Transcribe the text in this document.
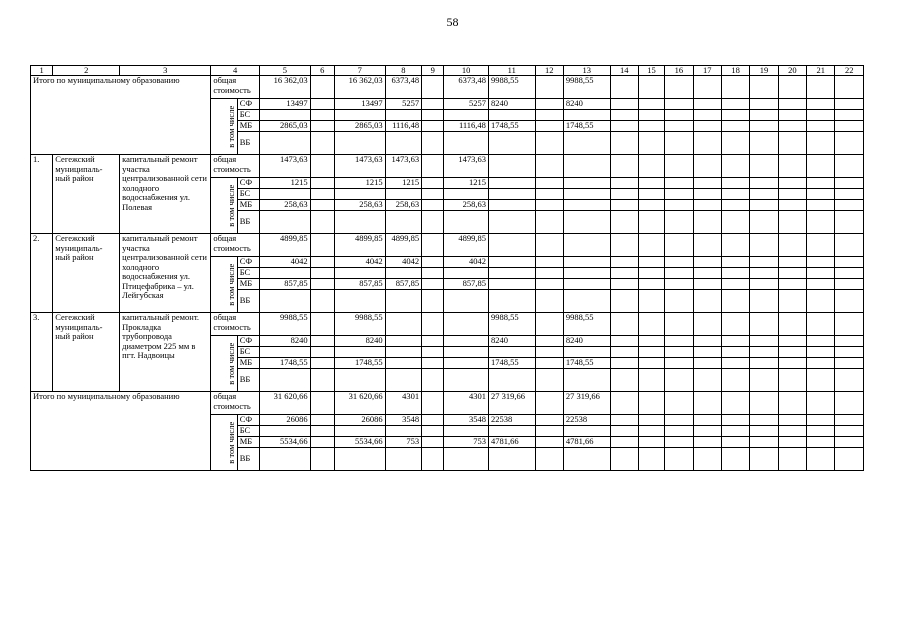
58
1	2	3	4		5	6	7	8	9	10	11	12	13	14	15	16	17	18	19	20	21	22
Итого по муниципальному образованию			общая стоимость		16 362,03		16 362,03	6373,48		6373,48	9988,55		9988,55									
			в том числе	СФ	13497		13497	5257		5257	8240		8240									
				БС																		
				МБ	2865,03		2865,03	1116,48		1116,48	1748,55		1748,55									
				ВБ																		
1.	Сегежский муниципаль-ный район	капитальный ремонт участка централизованной сети холодного водоснабжения ул. Полевая	общая стоимость		1473,63		1473,63	1473,63		1473,63												
			в том числе	СФ	1215		1215	1215		1215												
				БС																		
				МБ	258,63		258,63	258,63		258,63												
				ВБ																		
2.	Сегежский муниципаль-ный район	капитальный ремонт участка централизованной сети холодного водоснабжения ул. Птицефабрика – ул. Лейгубская	общая стоимость		4899,85		4899,85	4899,85		4899,85												
			в том числе	СФ	4042		4042	4042		4042												
				БС																		
				МБ	857,85		857,85	857,85		857,85												
				ВБ																		
3.	Сегежский муниципаль-ный район	капитальный ремонт. Прокладка трубопровода диаметром 225 мм в пгт. Надвоицы	общая стоимость		9988,55		9988,55				9988,55		9988,55									
			в том числе	СФ	8240		8240				8240		8240									
				БС																		
				МБ	1748,55		1748,55				1748,55		1748,55									
				ВБ																		
Итого по муниципальному образованию			общая стоимость		31 620,66		31 620,66	4301		4301	27 319,66		27 319,66									
			в том числе	СФ	26086		26086	3548		3548	22538		22538									
				БС																		
				МБ	5534,66		5534,66	753		753	4781,66		4781,66									
				ВБ																		
